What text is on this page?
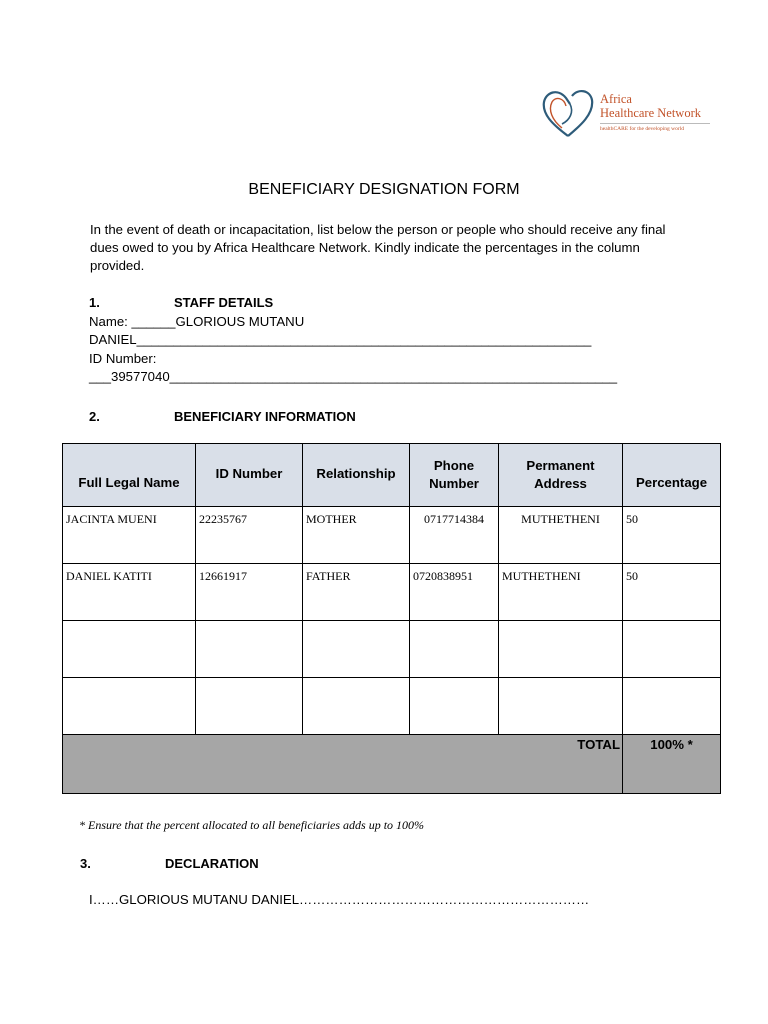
Africa
Healthcare Network
healthCARE for the developing world
BENEFICIARY DESIGNATION FORM
In the event of death or incapacitation, list below the person or people who should receive any final dues owed to you by Africa Healthcare Network. Kindly indicate the percentages in the column provided.
1.	STAFF DETAILS
Name: ______GLORIOUS MUTANU
DANIEL______________________________________________________________
ID Number:
___39577040_____________________________________________________________
2.	BENEFICIARY INFORMATION
Full Legal Name	ID Number	Relationship	Phone Number	Permanent Address	Percentage
JACINTA MUENI	22235767	MOTHER	0717714384	MUTHETHENI	50
DANIEL KATITI	12661917	FATHER	0720838951	MUTHETHENI	50

TOTAL					100% *
* Ensure that the percent allocated to all beneficiaries adds up to 100%
3.	DECLARATION
I……GLORIOUS MUTANU DANIEL…………………………………………………………
